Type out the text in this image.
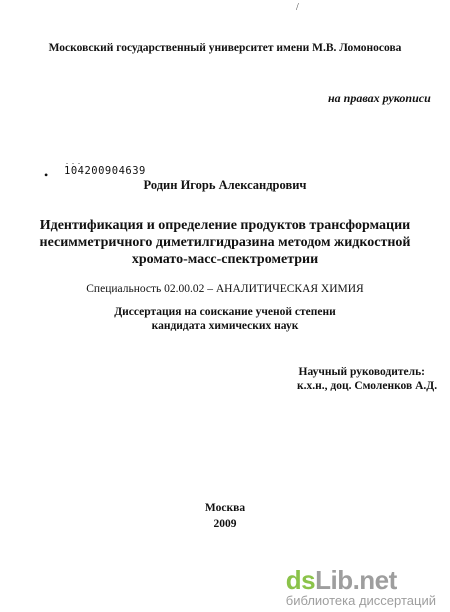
/
Московский государственный университет имени М.В. Ломоносова
на правах рукописи
•
. . .
104200904639
Родин Игорь Александрович
Идентификация и определение продуктов трансформации
несимметричного диметилгидразина методом жидкостной
хромато-масс-спектрометрии
Специальность 02.00.02 – АНАЛИТИЧЕСКАЯ ХИМИЯ
Диссертация на соискание ученой степени
кандидата химических наук
Научный руководитель:
к.х.н., доц. Смоленков А.Д.
Москва
2009
dsLib.net
библиотека диссертаций
